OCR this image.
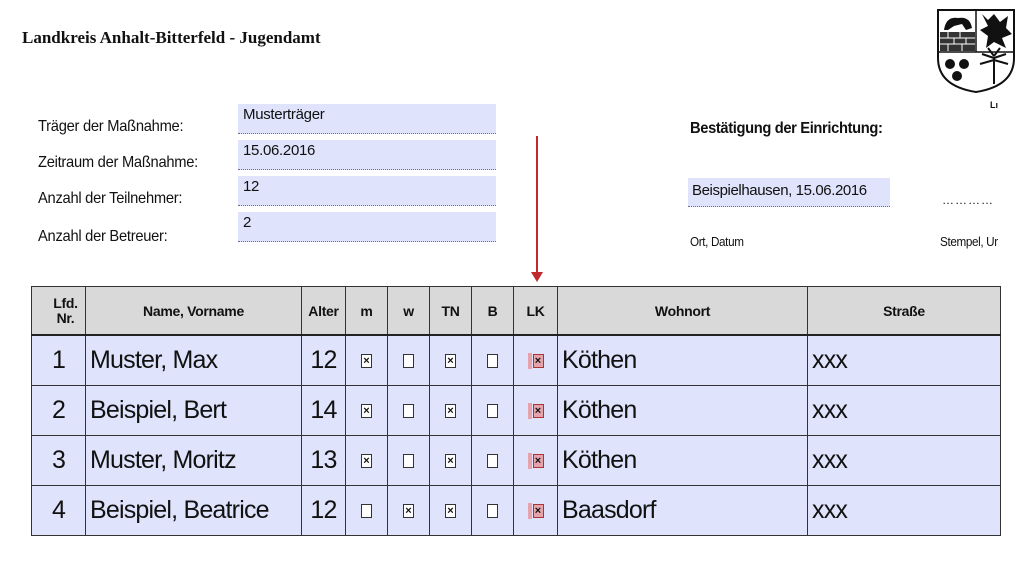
Landkreis Anhalt-Bitterfeld - Jugendamt
Lı
Träger der Maßnahme:
Musterträger
Zeitraum der Maßnahme:
15.06.2016
Anzahl der Teilnehmer:
12
Anzahl der Betreuer:
2
Bestätigung der Einrichtung:
Beispielhausen, 15.06.2016
…………
Ort, Datum	Stempel, Ur
Lfd.
Nr.	Name, Vorname	Alter	m	w	TN	B	LK	Wohnort	Straße
1	Muster, Max	12	×		×		×	Köthen	xxx
2	Beispiel, Bert	14	×		×		×	Köthen	xxx
3	Muster, Moritz	13	×		×		×	Köthen	xxx
4	Beispiel, Beatrice	12		×	×		×	Baasdorf	xxx
